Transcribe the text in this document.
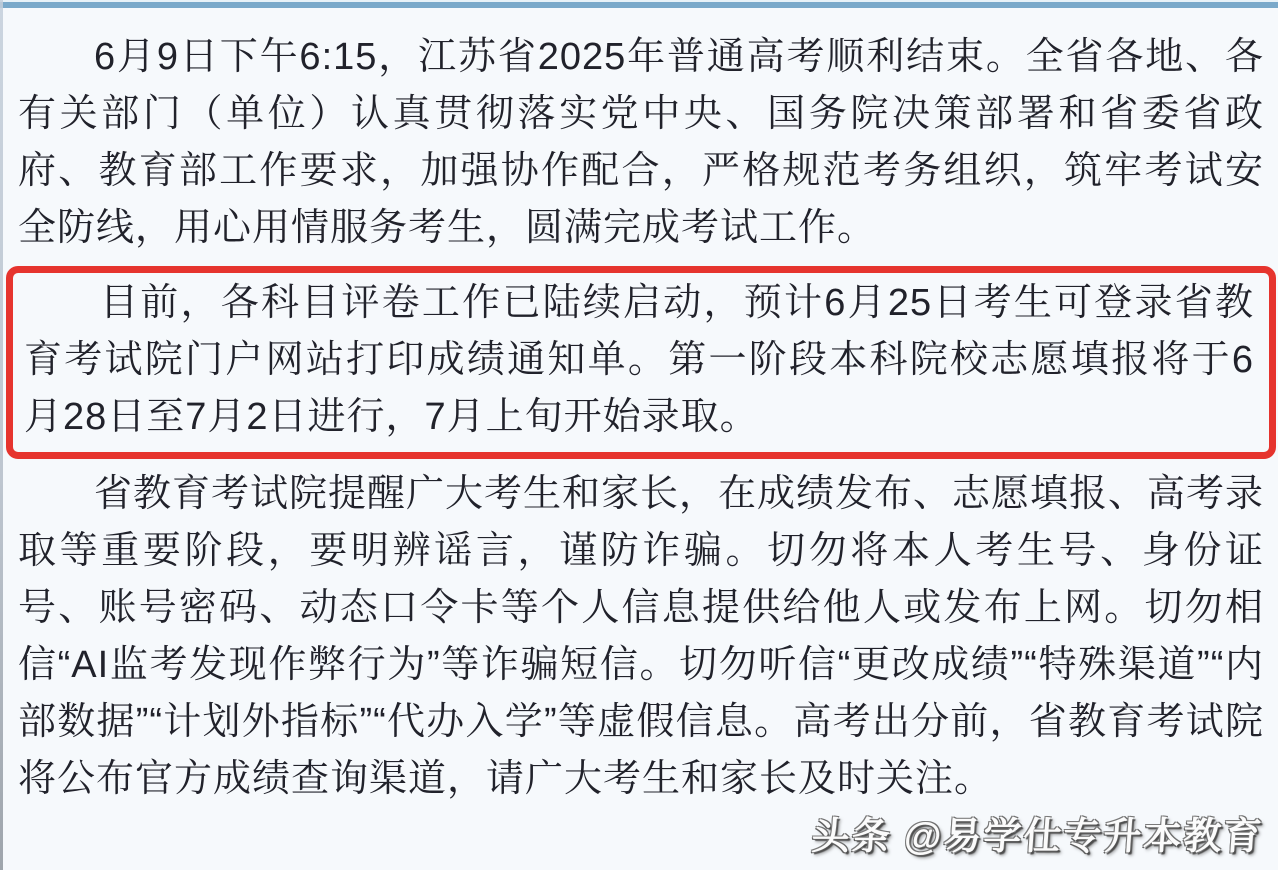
6月9日下午6:15，江苏省2025年普通高考顺利结束。全省各地、各有关部门（单位）认真贯彻落实党中央、国务院决策部署和省委省政府、教育部工作要求，加强协作配合，严格规范考务组织，筑牢考试安全防线，用心用情服务考生，圆满完成考试工作。

目前，各科目评卷工作已陆续启动，预计6月25日考生可登录省教育考试院门户网站打印成绩通知单。第一阶段本科院校志愿填报将于6月28日至7月2日进行，7月上旬开始录取。

省教育考试院提醒广大考生和家长，在成绩发布、志愿填报、高考录取等重要阶段，要明辨谣言，谨防诈骗。切勿将本人考生号、身份证号、账号密码、动态口令卡等个人信息提供给他人或发布上网。切勿相信“AI监考发现作弊行为”等诈骗短信。切勿听信“更改成绩”“特殊渠道”“内部数据”“计划外指标”“代办入学”等虚假信息。高考出分前，省教育考试院将公布官方成绩查询渠道，请广大考生和家长及时关注。

头条 @易学仕专升本教育
